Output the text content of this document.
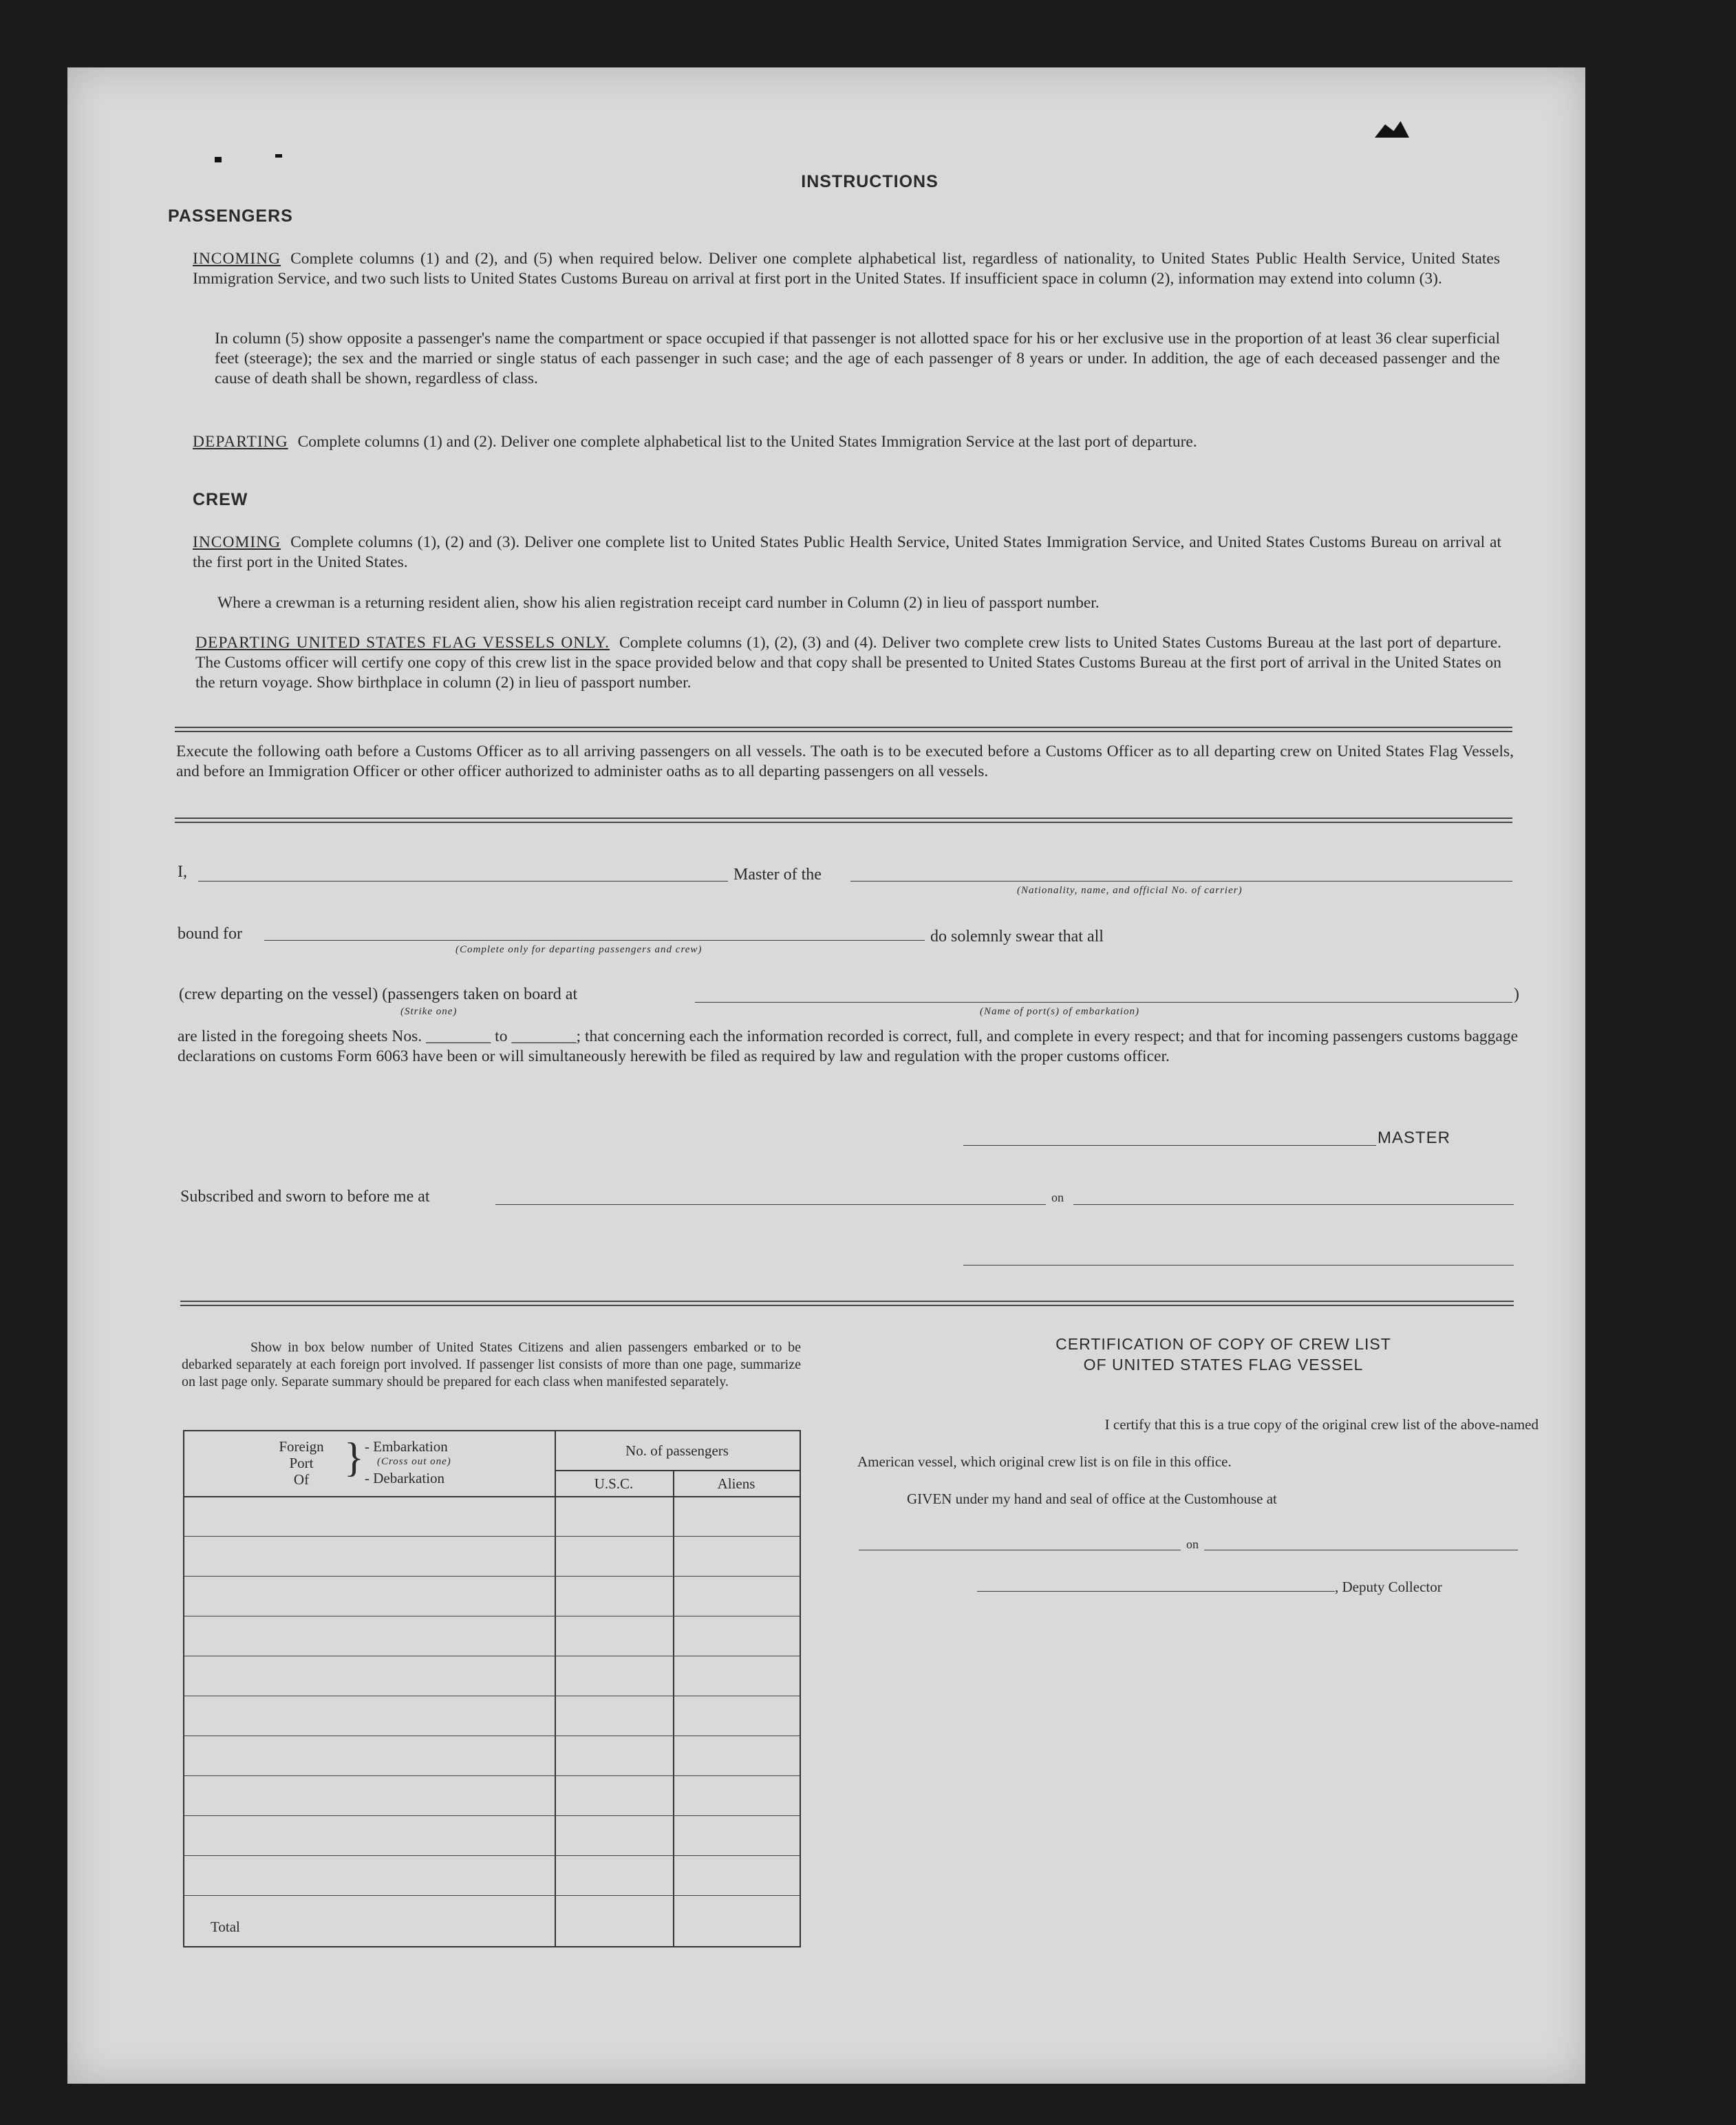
INSTRUCTIONS
PASSENGERS
INCOMING Complete columns (1) and (2), and (5) when required below. Deliver one complete alphabetical list, regardless of nationality, to United States Public Health Service, United States Immigration Service, and two such lists to United States Customs Bureau on arrival at first port in the United States. If insufficient space in column (2), information may extend into column (3).
In column (5) show opposite a passenger's name the compartment or space occupied if that passenger is not allotted space for his or her exclusive use in the proportion of at least 36 clear superficial feet (steerage); the sex and the married or single status of each passenger in such case; and the age of each passenger of 8 years or under. In addition, the age of each deceased passenger and the cause of death shall be shown, regardless of class.
DEPARTING Complete columns (1) and (2). Deliver one complete alphabetical list to the United States Immigration Service at the last port of departure.
CREW
INCOMING Complete columns (1), (2) and (3). Deliver one complete list to United States Public Health Service, United States Immigration Service, and United States Customs Bureau on arrival at the first port in the United States.
Where a crewman is a returning resident alien, show his alien registration receipt card number in Column (2) in lieu of passport number.
DEPARTING UNITED STATES FLAG VESSELS ONLY. Complete columns (1), (2), (3) and (4). Deliver two complete crew lists to United States Customs Bureau at the last port of departure. The Customs officer will certify one copy of this crew list in the space provided below and that copy shall be presented to United States Customs Bureau at the first port of arrival in the United States on the return voyage. Show birthplace in column (2) in lieu of passport number.
Execute the following oath before a Customs Officer as to all arriving passengers on all vessels. The oath is to be executed before a Customs Officer as to all departing crew on United States Flag Vessels, and before an Immigration Officer or other officer authorized to administer oaths as to all departing passengers on all vessels.
I,	Master of the
(Nationality, name, and official No. of carrier)
bound for
(Complete only for departing passengers and crew)
do solemnly swear that all
(crew departing on the vessel) (passengers taken on board at
(Strike one)	(Name of port(s) of embarkation)
)
are listed in the foregoing sheets Nos. ________ to ________; that concerning each the information recorded is correct, full, and complete in every respect; and that for incoming passengers customs baggage declarations on customs Form 6063 have been or will simultaneously herewith be filed as required by law and regulation with the proper customs officer.
MASTER
Subscribed and sworn to before me at	on
Show in box below number of United States Citizens and alien passengers embarked or to be debarked separately at each foreign port involved. If passenger list consists of more than one page, summarize on last page only. Separate summary should be prepared for each class when manifested separately.
Foreign
Port
Of } - Embarkation
(Cross out one)
- Debarkation
No. of passengers
U.S.C.	Aliens
Total
CERTIFICATION OF COPY OF CREW LIST
OF UNITED STATES FLAG VESSEL
I certify that this is a true copy of the original crew list of the above-named
American vessel, which original crew list is on file in this office.
GIVEN under my hand and seal of office at the Customhouse at
on
, Deputy Collector
